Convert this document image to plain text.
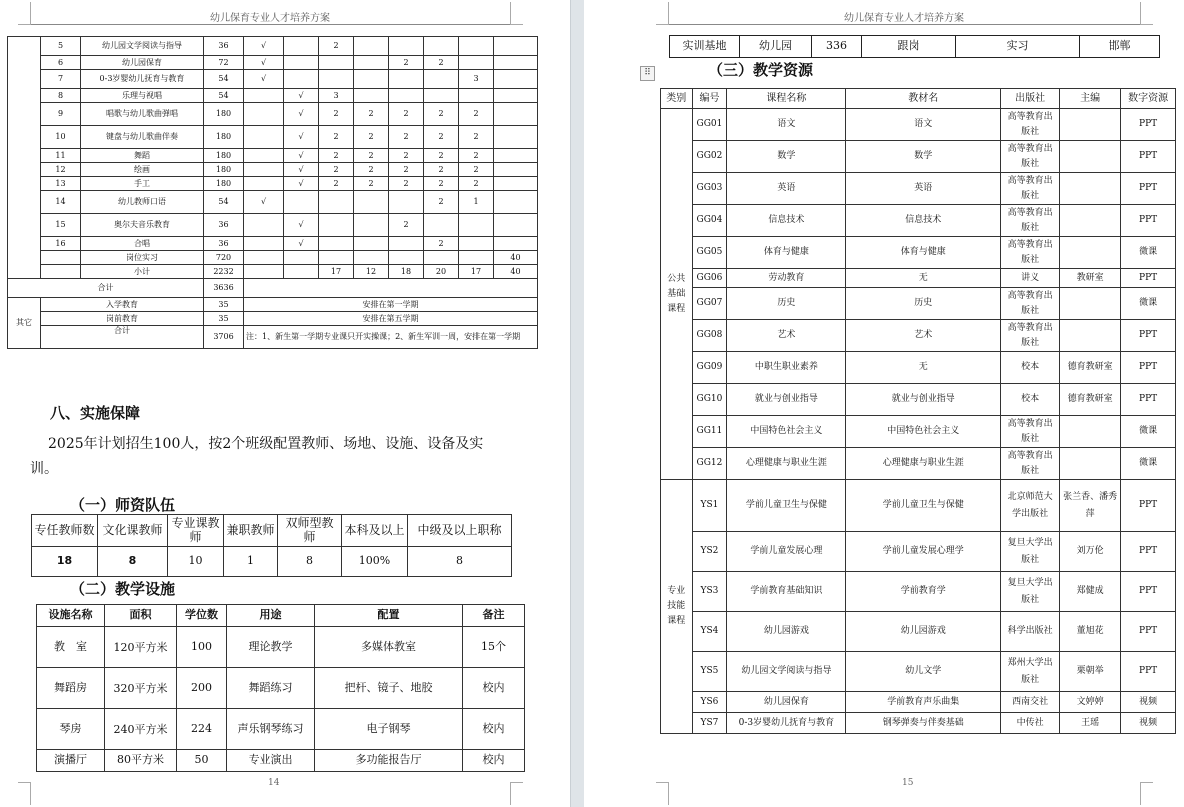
幼儿保育专业人才培养方案
	5	幼儿园文学阅读与指导	36	√		2					
	6	幼儿园保育	72	√				2	2		
	7	0-3岁婴幼儿抚育与教育	54	√						3	
	8	乐理与视唱	54		√	3					
	9	唱歌与幼儿歌曲弹唱	180		√	2	2	2	2	2	
	10	键盘与幼儿歌曲伴奏	180		√	2	2	2	2	2	
	11	舞蹈	180		√	2	2	2	2	2	
	12	绘画	180		√	2	2	2	2	2	
	13	手工	180		√	2	2	2	2	2	
	14	幼儿教师口语	54	√					2	1	
	15	奥尔夫音乐教育	36		√			2			
	16	合唱	36		√				2		
		岗位实习	720								40
		小计	2232			17	12	18	20	17	40
合计			3636								
其它	入学教育		35	安排在第一学期							
	岗前教育		35	安排在第五学期							
	合计		3706	注：1、新生第一学期专业课只开实操课；2、新生军训一周，安排在第一学期							
八、实施保障
2025年计划招生100人，按2个班级配置教师、场地、设施、设备及实训。
（一）师资队伍
专任教师数	文化课教师	专业课教师	兼职教师	双师型教师	本科及以上	中级及以上职称
18	8	10	1	8	100%	8
（二）教学设施
设施名称	面积	学位数	用途	配置	备注
教　室	120平方米	100	理论教学	多媒体教室	15个
舞蹈房	320平方米	200	舞蹈练习	把杆、镜子、地胶	校内
琴房	240平方米	224	声乐钢琴练习	电子钢琴	校内
演播厅	80平方米	50	专业演出	多功能报告厅	校内
14
幼儿保育专业人才培养方案
实训基地	幼儿园	336	跟岗	实习	邯郸
（三）教学资源
类别	编号	课程名称	教材名	出版社	主编	数字资源
公共基础课程	GG01	语文	语文	高等教育出版社		PPT
	GG02	数学	数学	高等教育出版社		PPT
	GG03	英语	英语	高等教育出版社		PPT
	GG04	信息技术	信息技术	高等教育出版社		PPT
	GG05	体育与健康	体育与健康	高等教育出版社		微课
	GG06	劳动教育	无	讲义	教研室	PPT
	GG07	历史	历史	高等教育出版社		微课
	GG08	艺术	艺术	高等教育出版社		PPT
	GG09	中职生职业素养	无	校本	德育教研室	PPT
	GG10	就业与创业指导	就业与创业指导	校本	德育教研室	PPT
	GG11	中国特色社会主义	中国特色社会主义	高等教育出版社		微课
	GG12	心理健康与职业生涯	心理健康与职业生涯	高等教育出版社		微课
专业技能课程	YS1	学前儿童卫生与保健	学前儿童卫生与保健	北京师范大学出版社	张兰香、潘秀萍	PPT
	YS2	学前儿童发展心理	学前儿童发展心理学	复旦大学出版社	刘万伦	PPT
	YS3	学前教育基础知识	学前教育学	复旦大学出版社	郑健成	PPT
	YS4	幼儿园游戏	幼儿园游戏	科学出版社	董旭花	PPT
	YS5	幼儿园文学阅读与指导	幼儿文学	郑州大学出版社	栗朝举	PPT
	YS6	幼儿园保育	学前教育声乐曲集	西南交社	文婷婷	视频
	YS7	0-3岁婴幼儿抚育与教育	钢琴弹奏与伴奏基础	中传社	王瑶	视频
15
⠿
